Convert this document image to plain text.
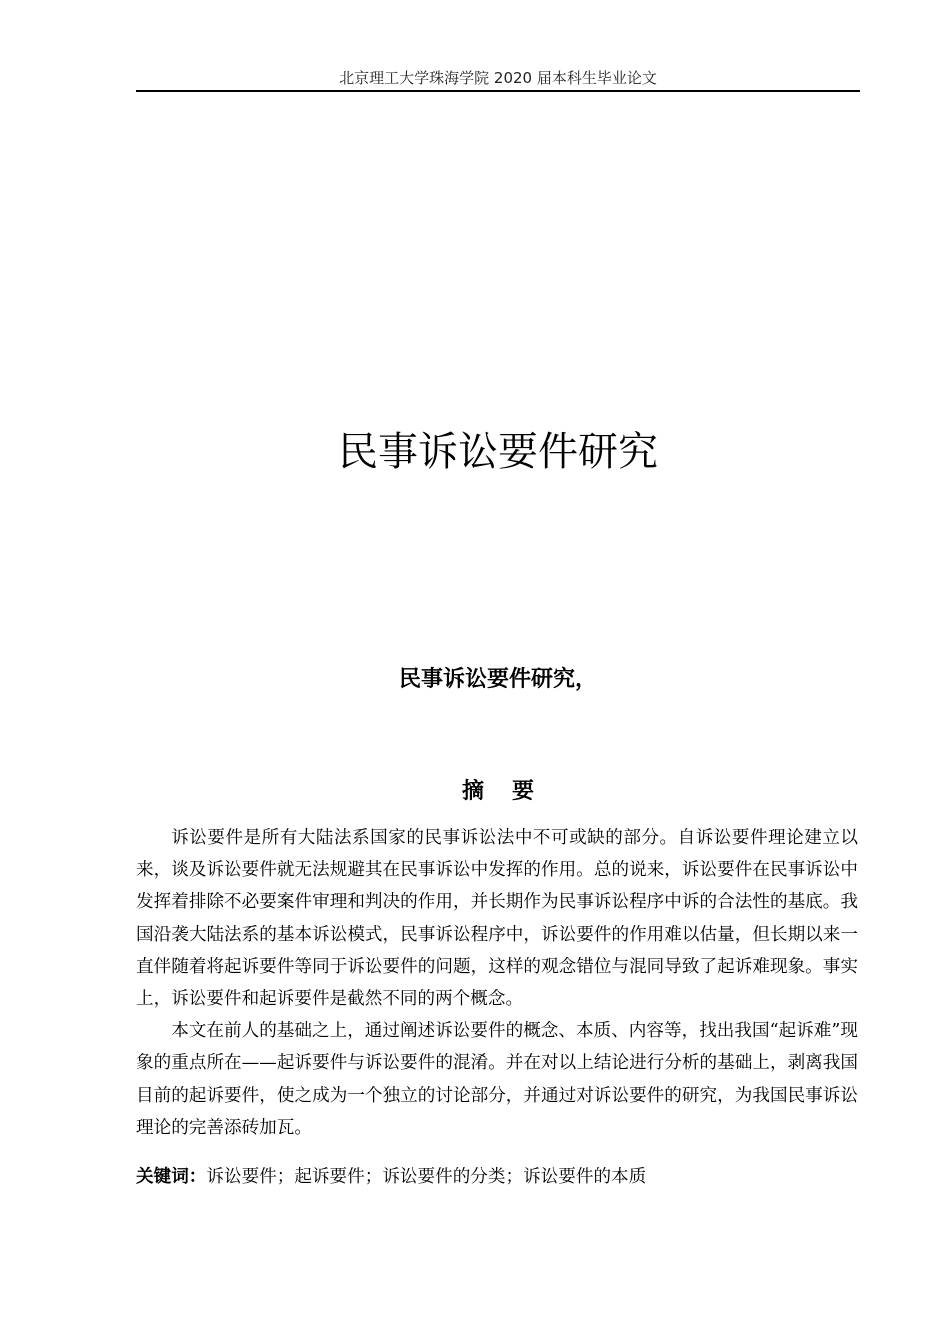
北京理工大学珠海学院 2020 届本科生毕业论文
民事诉讼要件研究
民事诉讼要件研究，
摘要

诉讼要件是所有大陆法系国家的民事诉讼法中不可或缺的部分。自诉讼要件理论建立以来，谈及诉讼要件就无法规避其在民事诉讼中发挥的作用。总的说来，诉讼要件在民事诉讼中发挥着排除不必要案件审理和判决的作用，并长期作为民事诉讼程序中诉的合法性的基底。我国沿袭大陆法系的基本诉讼模式，民事诉讼程序中，诉讼要件的作用难以估量，但长期以来一直伴随着将起诉要件等同于诉讼要件的问题，这样的观念错位与混同导致了起诉难现象。事实上，诉讼要件和起诉要件是截然不同的两个概念。

本文在前人的基础之上，通过阐述诉讼要件的概念、本质、内容等，找出我国“起诉难”现象的重点所在——起诉要件与诉讼要件的混淆。并在对以上结论进行分析的基础上，剥离我国目前的起诉要件，使之成为一个独立的讨论部分，并通过对诉讼要件的研究，为我国民事诉讼理论的完善添砖加瓦。

关键词：诉讼要件；起诉要件；诉讼要件的分类；诉讼要件的本质
